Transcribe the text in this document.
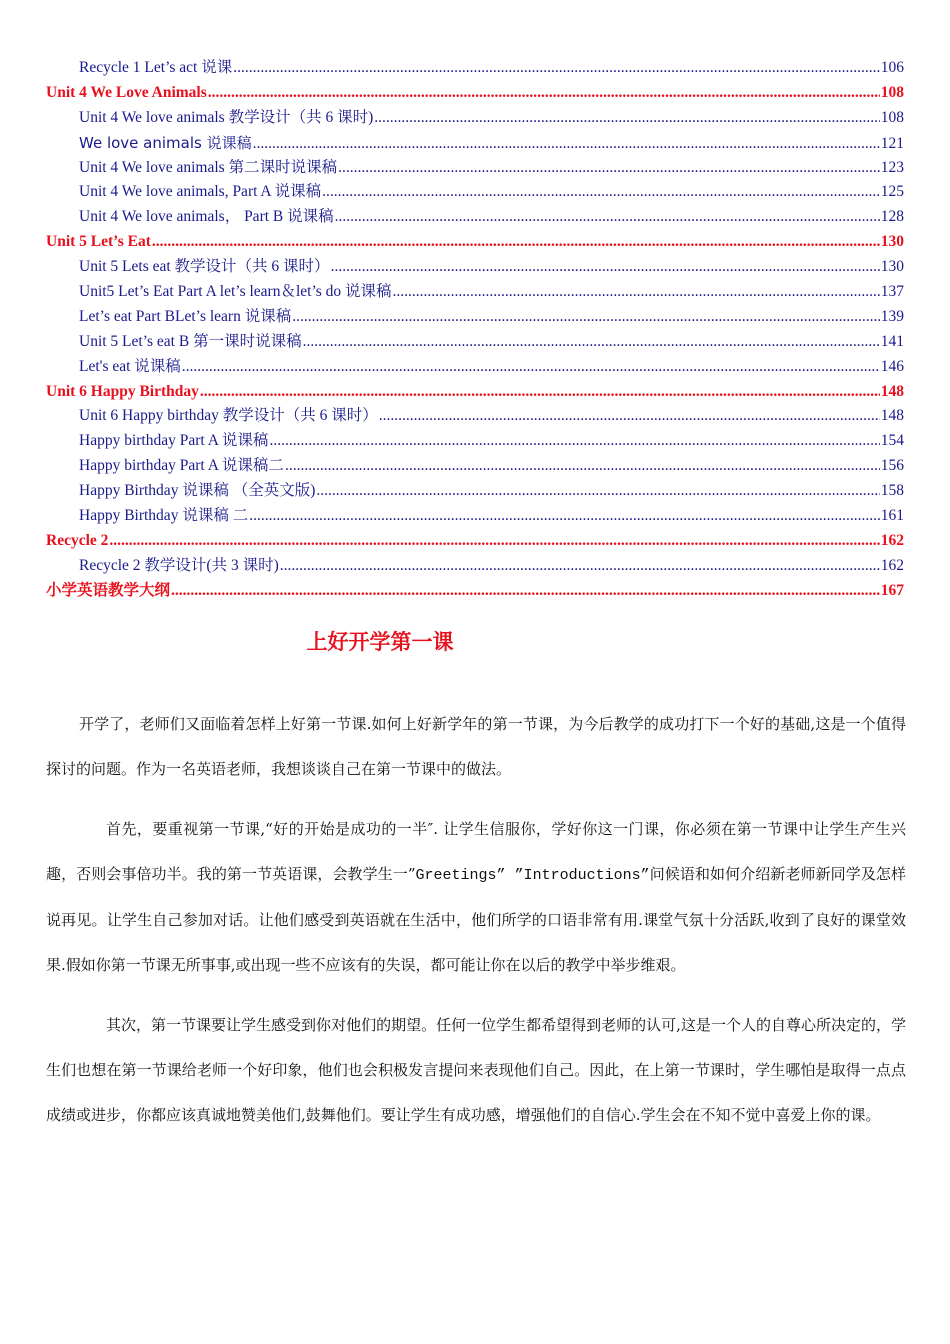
Recycle 1 Let’s act 说课 .....	106
Unit 4 We Love Animals .....	108
Unit 4 We love animals 教学设计（共 6 课时) .....	108
We love animals 说课稿 .....	121
Unit 4 We love animals 第二课时说课稿 .....	123
Unit 4 We love animals, Part A 说课稿 .....	125
Unit 4 We love animals， Part B 说课稿 .....	128
Unit 5 Let’s Eat .....	130
Unit 5 Lets eat 教学设计（共 6 课时） .....	130
Unit5 Let’s Eat Part A let’s learn＆let’s do 说课稿 .....	137
Let’s eat Part BLet’s learn 说课稿 .....	139
Unit 5 Let’s eat B 第一课时说课稿 .....	141
Let's eat 说课稿 .....	146
Unit 6 Happy Birthday .....	148
Unit 6 Happy birthday 教学设计（共 6 课时） .....	148
Happy birthday Part A 说课稿 .....	154
Happy birthday Part A 说课稿二 .....	156
Happy Birthday 说课稿 （全英文版) .....	158
Happy Birthday 说课稿 二 .....	161
Recycle 2 .....	162
Recycle 2 教学设计(共 3 课时) .....	162
小学英语教学大纲 .....	167
上好开学第一课

开学了，老师们又面临着怎样上好第一节课.如何上好新学年的第一节课，为今后教学的成功打下一个好的基础,这是一个值得探讨的问题。作为一名英语老师，我想谈谈自己在第一节课中的做法。

首先，要重视第一节课,“好的开始是成功的一半″. 让学生信服你，学好你这一门课，你必须在第一节课中让学生产生兴趣，否则会事倍功半。我的第一节英语课，会教学生一”Greetings” ”Introductions”问候语和如何介绍新老师新同学及怎样说再见。让学生自己参加对话。让他们感受到英语就在生活中，他们所学的口语非常有用.课堂气氛十分活跃,收到了良好的课堂效果.假如你第一节课无所事事,或出现一些不应该有的失误，都可能让你在以后的教学中举步维艰。

其次，第一节课要让学生感受到你对他们的期望。任何一位学生都希望得到老师的认可,这是一个人的自尊心所决定的，学生们也想在第一节课给老师一个好印象，他们也会积极发言提问来表现他们自己。因此，在上第一节课时，学生哪怕是取得一点点成绩或进步，你都应该真诚地赞美他们,鼓舞他们。要让学生有成功感，增强他们的自信心.学生会在不知不觉中喜爱上你的课。
